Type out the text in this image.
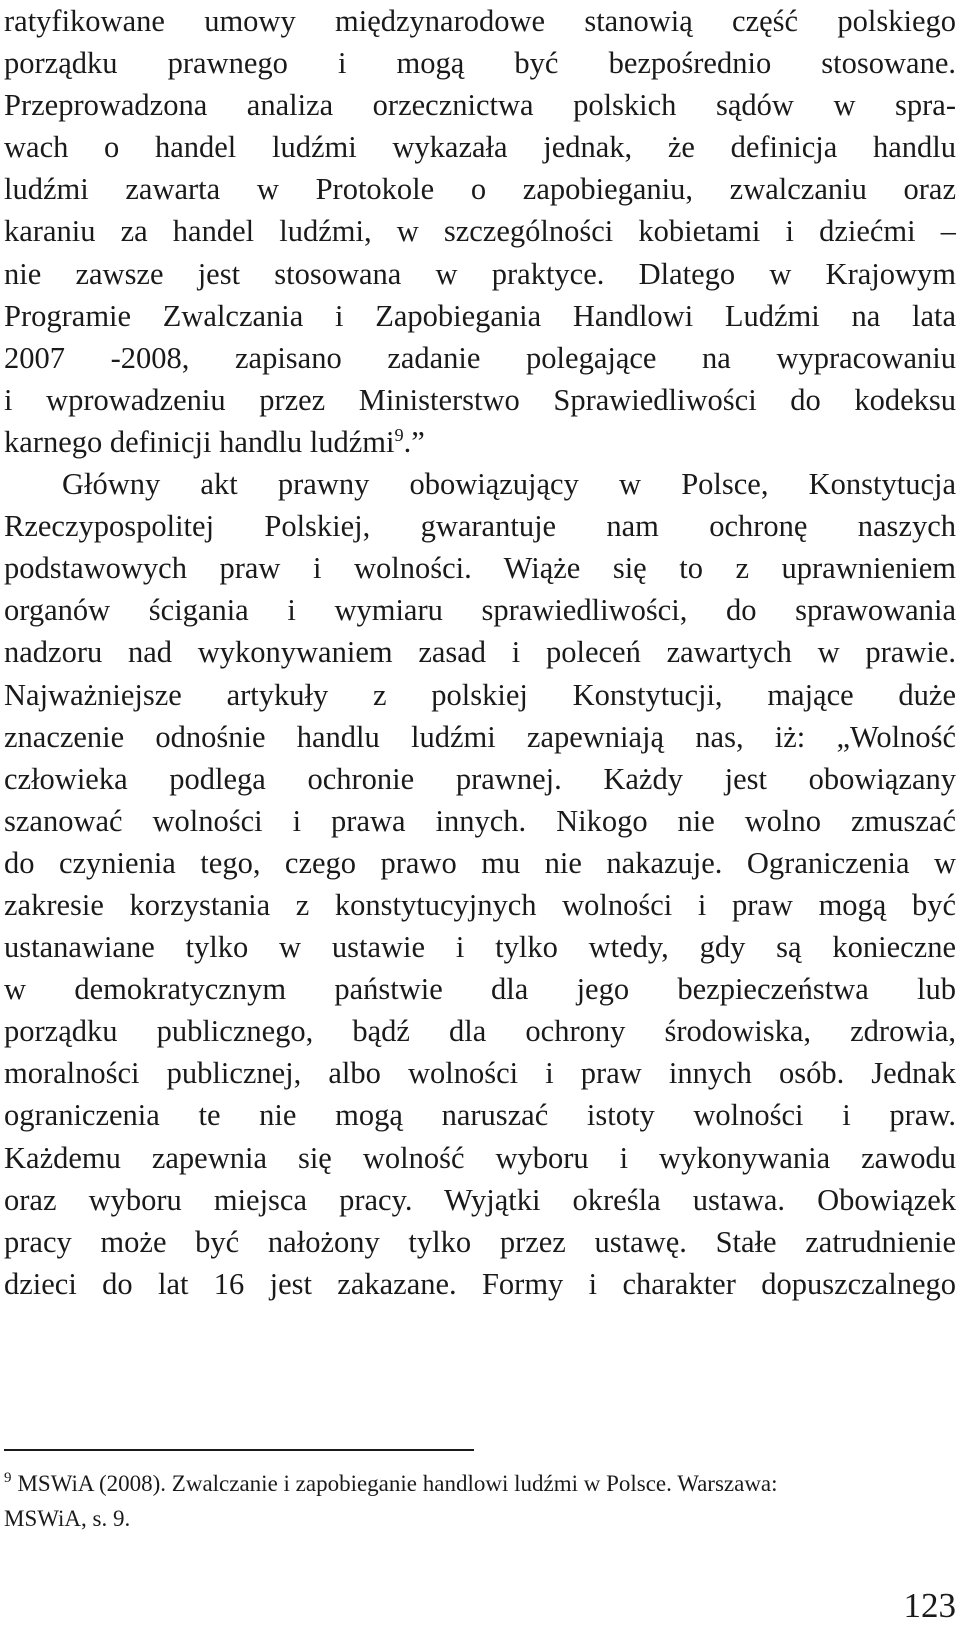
ratyfikowane umowy międzynarodowe stanowią część polskiego
porządku prawnego i mogą być bezpośrednio stosowane.
Przeprowadzona analiza orzecznictwa polskich sądów w spra-
wach o handel ludźmi wykazała jednak, że definicja handlu
ludźmi zawarta w Protokole o zapobieganiu, zwalczaniu oraz
karaniu za handel ludźmi, w szczególności kobietami i dziećmi –
nie zawsze jest stosowana w praktyce. Dlatego w Krajowym
Programie Zwalczania i Zapobiegania Handlowi Ludźmi na lata
2007 -2008, zapisano zadanie polegające na wypracowaniu
i wprowadzeniu przez Ministerstwo Sprawiedliwości do kodeksu
karnego definicji handlu ludźmi$^9$.”
Główny akt prawny obowiązujący w Polsce, Konstytucja
Rzeczypospolitej Polskiej, gwarantuje nam ochronę naszych
podstawowych praw i wolności. Wiąże się to z uprawnieniem
organów ścigania i wymiaru sprawiedliwości, do sprawowania
nadzoru nad wykonywaniem zasad i poleceń zawartych w prawie.
Najważniejsze artykuły z polskiej Konstytucji, mające duże
znaczenie odnośnie handlu ludźmi zapewniają nas, iż: „Wolność
człowieka podlega ochronie prawnej. Każdy jest obowiązany
szanować wolności i prawa innych. Nikogo nie wolno zmuszać
do czynienia tego, czego prawo mu nie nakazuje. Ograniczenia w
zakresie korzystania z konstytucyjnych wolności i praw mogą być
ustanawiane tylko w ustawie i tylko wtedy, gdy są konieczne
w demokratycznym państwie dla jego bezpieczeństwa lub
porządku publicznego, bądź dla ochrony środowiska, zdrowia,
moralności publicznej, albo wolności i praw innych osób. Jednak
ograniczenia te nie mogą naruszać istoty wolności i praw.
Każdemu zapewnia się wolność wyboru i wykonywania zawodu
oraz wyboru miejsca pracy. Wyjątki określa ustawa. Obowiązek
pracy może być nałożony tylko przez ustawę. Stałe zatrudnienie
dzieci do lat 16 jest zakazane. Formy i charakter dopuszczalnego
$^9$ MSWiA (2008). Zwalczanie i zapobieganie handlowi ludźmi w Polsce. Warszawa:
MSWiA, s. 9.
123
